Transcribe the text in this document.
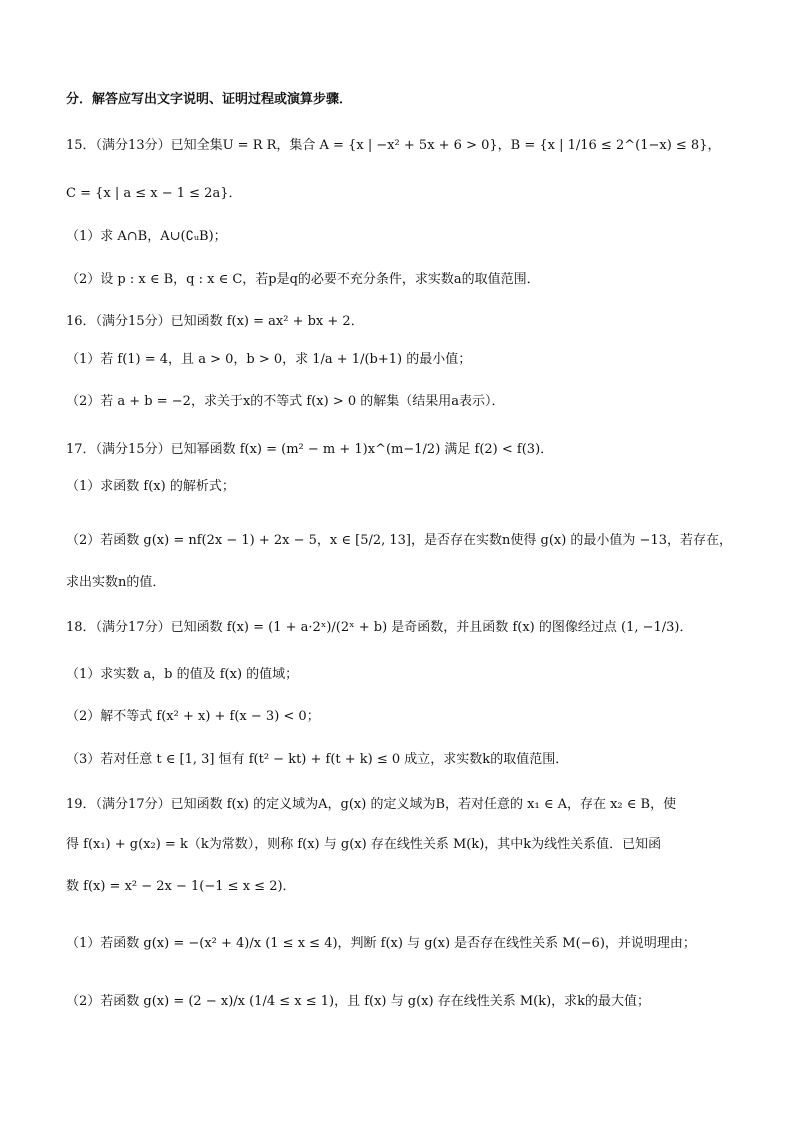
分．解答应写出文字说明、证明过程或演算步骤．
15．（满分13分）已知全集U = R R，集合 A = {x | −x² + 5x + 6 > 0}，B = {x | 1/16 ≤ 2^(1−x) ≤ 8}，
C = {x | a ≤ x − 1 ≤ 2a}．
（1）求 A∩B，A∪(∁ᵤB)；
（2）设 p : x ∈ B，q : x ∈ C，若p是q的必要不充分条件，求实数a的取值范围．
16．（满分15分）已知函数 f(x) = ax² + bx + 2．
（1）若 f(1) = 4，且 a > 0，b > 0，求 1/a + 1/(b+1) 的最小值；
（2）若 a + b = −2，求关于x的不等式 f(x) > 0 的解集（结果用a表示）．
17．（满分15分）已知幂函数 f(x) = (m² − m + 1)x^(m−1/2) 满足 f(2) < f(3)．
（1）求函数 f(x) 的解析式；
（2）若函数 g(x) = nf(2x − 1) + 2x − 5，x ∈ [5/2, 13]，是否存在实数n使得 g(x) 的最小值为 −13，若存在，
求出实数n的值．
18．（满分17分）已知函数 f(x) = (1 + a·2ˣ)/(2ˣ + b) 是奇函数，并且函数 f(x) 的图像经过点 (1, −1/3)．
（1）求实数 a，b 的值及 f(x) 的值域；
（2）解不等式 f(x² + x) + f(x − 3) < 0；
（3）若对任意 t ∈ [1, 3] 恒有 f(t² − kt) + f(t + k) ≤ 0 成立，求实数k的取值范围．
19．（满分17分）已知函数 f(x) 的定义域为A，g(x) 的定义域为B，若对任意的 x₁ ∈ A，存在 x₂ ∈ B，使
得 f(x₁) + g(x₂) = k（k为常数），则称 f(x) 与 g(x) 存在线性关系 M(k)，其中k为线性关系值．已知函
数 f(x) = x² − 2x − 1(−1 ≤ x ≤ 2)．
（1）若函数 g(x) = −(x² + 4)/x (1 ≤ x ≤ 4)，判断 f(x) 与 g(x) 是否存在线性关系 M(−6)，并说明理由；
（2）若函数 g(x) = (2 − x)/x (1/4 ≤ x ≤ 1)，且 f(x) 与 g(x) 存在线性关系 M(k)，求k的最大值；
